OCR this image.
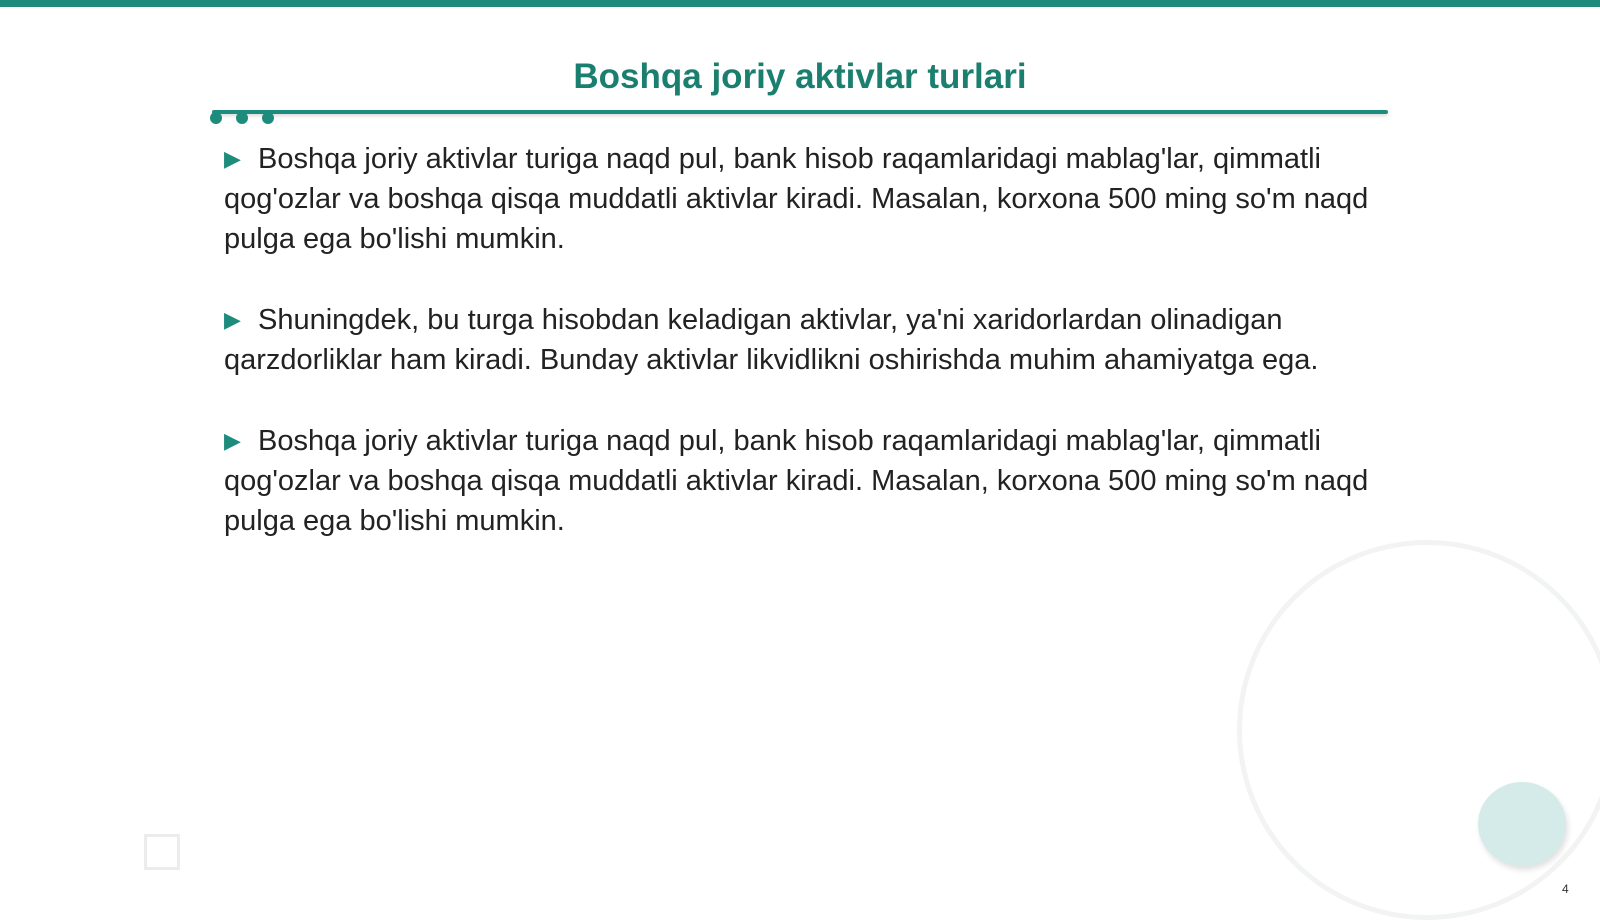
Boshqa joriy aktivlar turlari

▶ Boshqa joriy aktivlar turiga naqd pul, bank hisob raqamlaridagi mablag'lar, qimmatli qog'ozlar va boshqa qisqa muddatli aktivlar kiradi. Masalan, korxona 500 ming so'm naqd pulga ega bo'lishi mumkin.

▶ Shuningdek, bu turga hisobdan keladigan aktivlar, ya'ni xaridorlardan olinadigan qarzdorliklar ham kiradi. Bunday aktivlar likvidlikni oshirishda muhim ahamiyatga ega.

▶ Boshqa joriy aktivlar turiga naqd pul, bank hisob raqamlaridagi mablag'lar, qimmatli qog'ozlar va boshqa qisqa muddatli aktivlar kiradi. Masalan, korxona 500 ming so'm naqd pulga ega bo'lishi mumkin.

4
